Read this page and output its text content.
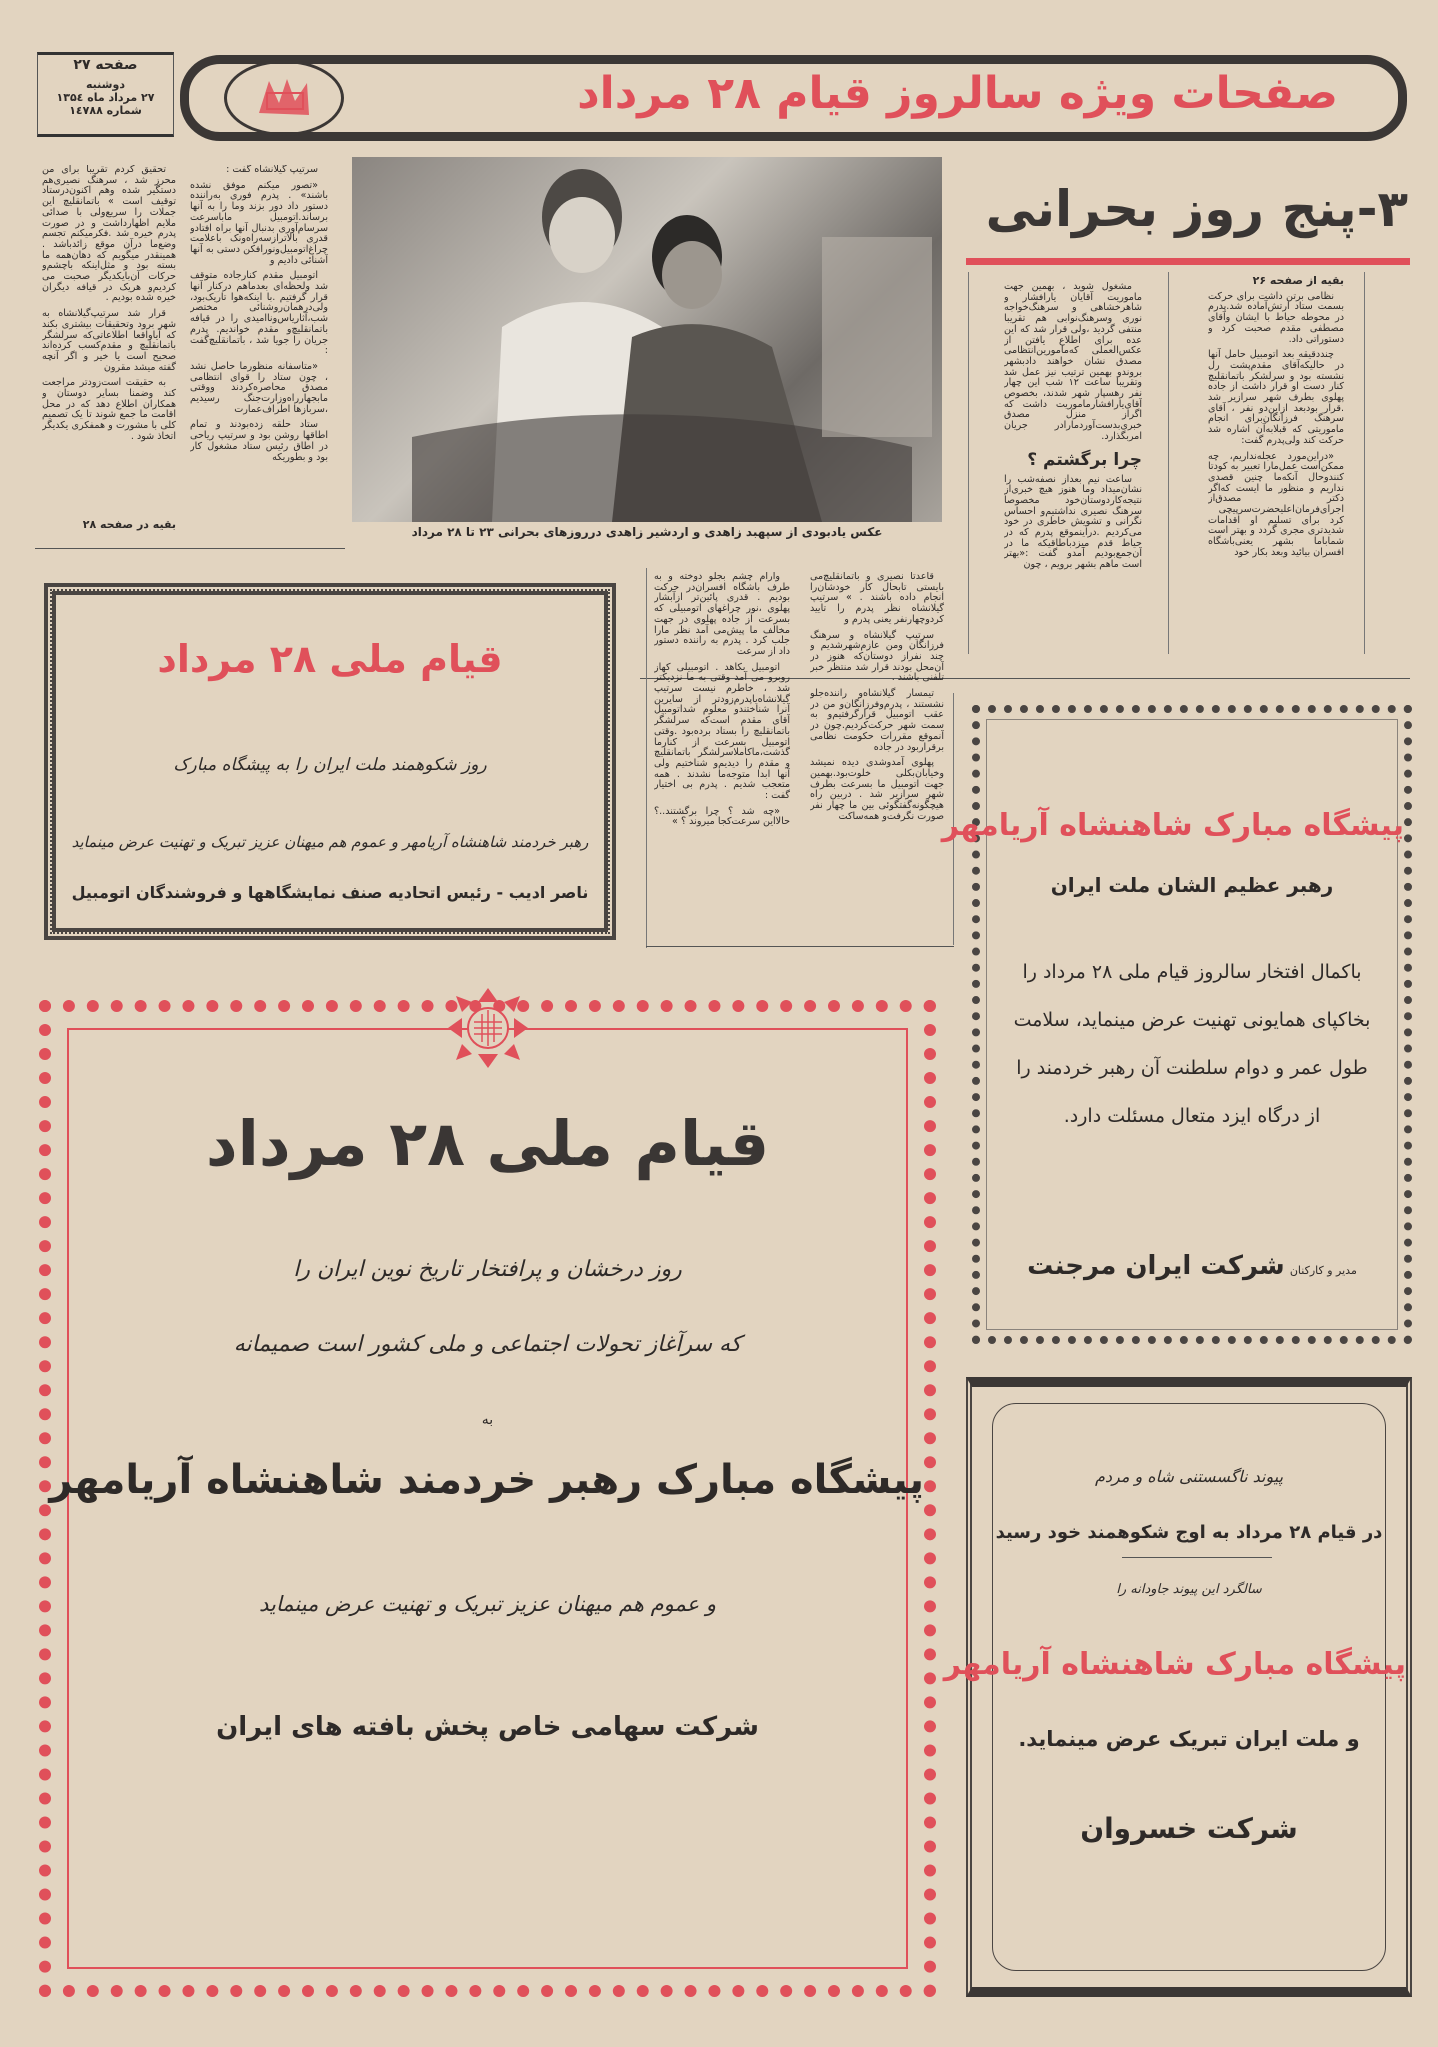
صفحه ۲۷
دوشنبه
۲۷ مرداد ماه ۱۳۵٤
شماره ۱٤۷۸۸	صفحات ویژه سالروز قیام ۲۸ مرداد
۳-پنج روز بحرانی
عکس یادبودی از سپهبد زاهدی و اردشیر زاهدی درروزهای بحرانی ۲۳ تا ۲۸ مرداد

بقیه از صفحه ۲۶

نظامی برتن داشت برای حرکت بسمت ستاد ارتش‌آماده شد.پدرم در محوطه حیاط با ایشان وآقای مصطفی مقدم صحبت کرد و دستوراتی داد.

چنددقیقه بعد اتومبیل حامل آنها در حالیکه‌آقای مقدم‌پشت رل نشسته بود و سرلشکر باتمانقلیچ کنار دست او قرار داشت از جاده پهلوی بطرف شهر سرازیر شد .قرار بودبعد ازاین‌دو نفر ، آقای سرهنگ فرزانگان‌برای انجام ماموریتی که قبلا‌به‌آن اشاره شد حرکت کند ولی‌پدرم گفت:

«دراین‌مورد عجله‌نداریم، چه ممکن‌است عمل‌مارا تعبیر به کودتا کنندوحال آنکه‌ما چنین قصدی نداریم و منظور ما ایست که‌اگر دکتر مصدق‌از اجرای‌فرمان‌اعلیحضرت‌سرپیچی کرد برای تسلیم او اقدامات شدیدتری مجری گردد و بهتر است شماباما بشهر یعنی‌باشگاه افسران بیائید وبعد بکار خود

مشغول شوید ، بهمین جهت ماموریت آقایان یارافشار و شاهرخشاهی و سرهنگ‌خواجه نوری وسرهنگ‌نوابی هم تقریبا منتفی گردید ،ولی قرار شد که این عده برای اطلاع یافتن از عکس‌العملی که‌مامورین‌انتظامی مصدق نشان خواهند دادبشهر بروندو بهمین ترتیب نیز عمل شد وتقریبا ساعت ۱۲ شب این چهار نفر رهسپار شهر شدند، بخصوص آقای‌یارافشارماموریت داشت که اگراز منزل مصدق خبری‌بدست‌آوردمارادر جریان امربگذارد.

چرا برگشتم ؟

ساعت نیم بعداز نصفه‌شب را نشان‌میداد وما هنوز هیچ خبری‌از نتیجه‌کاردوستان‌خود مخصوصا سرهنگ نصیری نداشتیم‌و احساس نگرانی و تشویش خاطری در خود می‌کردیم .دراینموقع پدرم که در حیاط قدم میزدباطاقیکه ما در آن‌جمع‌بودیم آمدو گفت :«بهتر است ماهم بشهر برویم ، چون

سرتیپ گیلانشاه گفت :

«تصور میکنم موفق نشده باشند» . پدرم فوری به‌راننده دستور داد دور بزند وما را به آنها برساند.اتومبیل مابا‌سرعت سرسام‌آوری بدنبال آنها براه افتادو قدری بالاتراز‌سه‌راه‌ونک باعلامت چراغ‌اتومبیل‌ونورافکن دستی به آنها آشنائی دادیم و

اتومبیل مقدم کنارجاده متوقف شد ولحظه‌ای بعدماهم درکنار آنها قرار گرفتیم .با اینکه‌هوا تاریک‌بود، ولی‌درهمان‌روشنائی مختصر شب،آثاریاس‌وناامیدی را در قیافه باتمانقلیچ‌و مقدم خواندیم. پدرم جریان را جویا شد ، باتمانقلیچ‌گفت :

«متاسفانه منظورما حاصل نشد ، چون ستاد را قوای انتظامی مصدق محاصره‌کردند ووقتی مابجهارراه‌وزارت‌جنگ رسیدیم ،سربازها اطراف‌عمارت

ستاد حلقه زده‌بودند و تمام اطاقها روشن بود و سرتیپ ریاحی در اطاق رئیس ستاد مشغول کار بود و بطوریکه

تحقیق کردم تقریبا برای من محرز شد ، سرهنگ نصیری‌هم دستگیر شده وهم اکنون‌درستاد توقیف است » باتمانقلیچ این جملات را سریع‌ولی با صدائی ملایم اظهارداشت و در صورت پدرم خیره شد .فکرمیکنم تجسم وضع‌ما درآن موقع زائدباشد . همینقدر میگویم که دهان‌همه ما بسته بود و مثل‌اینکه باچشم‌و حرکات آن‌بایکدیگر صحبت می کردیم‌و هریک در قیافه دیگران خیره شده بودیم .

قرار شد سرتیپ‌گیلانشاه به شهر برود وتحقیقات بیشتری بکند که آیاواقعا اطلاعاتی‌که سرلشگر باتمانقلیچ و مقدم‌کسب کرده‌اند صحیح است یا خیر و اگر آنچه گفته میشد مقرون

به حقیقت است‌زودتر مراجعت کند وضمنا بسایر دوستان و همکاران اطلاع دهد که در محل اقامت ما جمع شوند تا یک تصمیم کلی با مشورت و همفکری یکدیگر اتخاذ شود .

بقیه در صفحه ۲۸

قاعدتا نصیری و باتمانقلیچ‌می بایستی تابحال کار خودشان‌را انجام داده باشند . » سرتیپ گیلانشاه نظر پدرم را تایید کردو‌چهارنفر یعنی پدرم و

سرتیپ گیلانشاه و سرهنگ فرزانگان ومن عازم‌شهرشدیم و چند نفراز دوستان‌که هنوز در آن‌محل بودند قرار شد منتظر خبر تلفنی باشند .

تیمسار گیلانشاه‌و راننده‌جلو نشستند ، پدرم‌وفرزانگان‌و من در عقب اتومبیل قرارگرفتیم‌و به سمت شهر حرکت‌کردیم.چون در آنموقع مقررات حکومت نظامی برقراربود در جاده

پهلوی آمدوشدی دیده نمیشد وخیابان‌بکلی خلوت‌بود.بهمین جهت اتومبیل ما بسرعت بطرف شهر سرازیر شد . دربین راه هیچگونه‌گفتگوئی بین ما چهار نفر صورت نگرفت‌و همه‌ساکت

وآرام چشم بجلو دوخته و به طرف باشگاه افسران‌در حرکت بودیم . قدری پائین‌تر ازآبشار پهلوی ،نور چراغهای اتومبیلی که بسرعت از جاده پهلوی در جهت مخالف ما پیش‌می آمد نظر مارا جلب کرد . پدرم به راننده دستور داد از سرعت

اتومبیل بکاهد . اتومبیلی کهاز روبرو می آمد وقتی به ما نزدیکتر شد ، خاطرم نیست سرتیپ گیلانشاه‌یاپدرم‌زودتر از سایرین آنرا شناختندو معلوم شداتومبیل آقای مقدم است‌که سرلشگر باتمانقلیچ را بستاد برده‌بود .وقتی اتومبیل بسرعت از کنارما گذشت،ماکاملا‌سرلشگر باتمانقلیچ و مقدم را دیدیم‌و شناختیم ولی آنها ابدا متوجه‌ما نشدند . همه متعجب شدیم . پدرم بی اختیار گفت :

«چه شد ؟ چرا برگشتند..؟ حالااین سرعت‌کجا میروند ؟ »

قیام ملی ۲۸ مرداد
روز شکوهمند ملت ایران را به پیشگاه مبارک
رهبر خردمند شاهنشاه آریامهر و عموم هم میهنان عزیز تبریک و تهنیت عرض مینماید
ناصر ادیب - رئیس اتحادیه صنف نمایشگاهها و فروشندگان اتومبیل
قیام ملی ۲۸ مرداد
روز درخشان و پرافتخار تاریخ نوین ایران را
که سرآغاز تحولات اجتماعی و ملی کشور است صمیمانه
به
پیشگاه مبارک رهبر خردمند شاهنشاه آریامهر
و عموم هم میهنان عزیز تبریک و تهنیت عرض مینماید
شرکت سهامی خاص پخش بافته های ایران
پیشگاه مبارک شاهنشاه آریامهر
رهبر عظیم الشان ملت ایران
باکمال افتخار سالروز قیام ملی ۲۸ مرداد را
بخاکپای همایونی تهنیت عرض مینماید، سلامت
طول عمر و دوام سلطنت آن رهبر خردمند را
از درگاه ایزد متعال مسئلت دارد.
مدیر و کارکنان شرکت ایران مرجنت
پیوند ناگسستنی شاه و مردم
در قیام ۲۸ مرداد به اوج شکوهمند خود رسید
سالگرد این پیوند جاودانه را
پیشگاه مبارک شاهنشاه آریامهر
و ملت ایران تبریک عرض مینماید.
شرکت خسروان
